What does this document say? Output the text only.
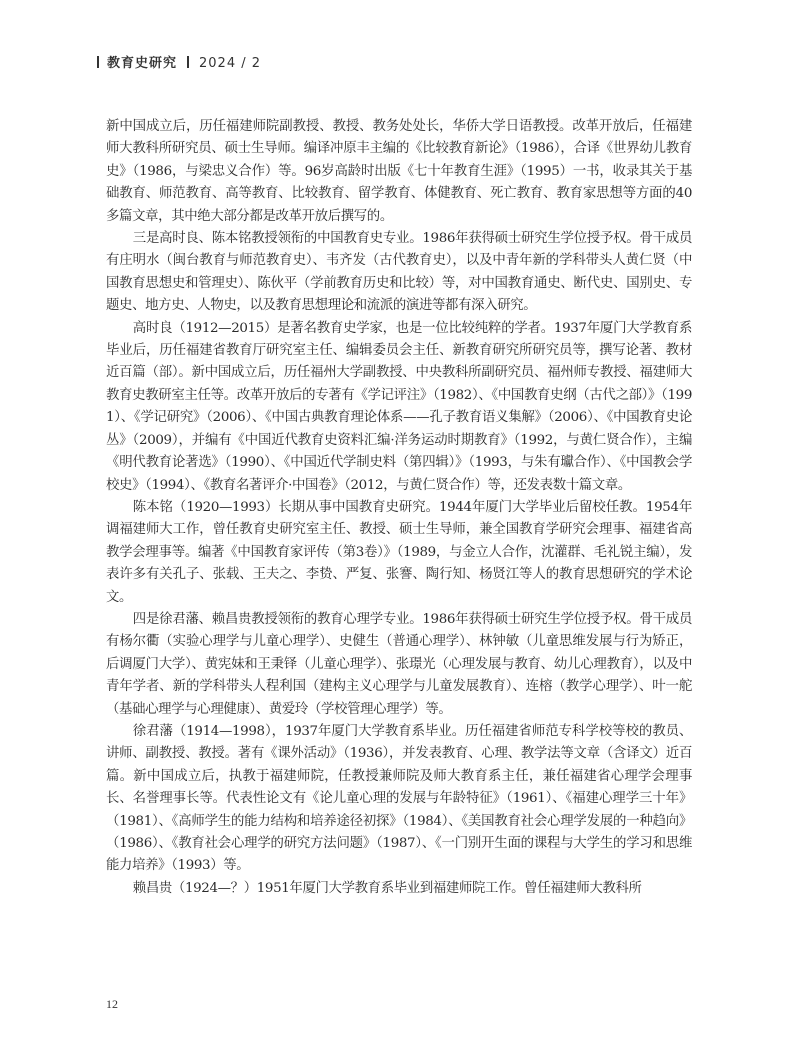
教育史研究 2024 / 2

新中国成立后，历任福建师院副教授、教授、教务处处长，华侨大学日语教授。改革开放后，任福建师大教科所研究员、硕士生导师。编译冲原丰主编的《比较教育新论》（1986），合译《世界幼儿教育史》（1986，与梁忠义合作）等。96岁高龄时出版《七十年教育生涯》（1995）一书，收录其关于基础教育、师范教育、高等教育、比较教育、留学教育、体健教育、死亡教育、教育家思想等方面的40多篇文章，其中绝大部分都是改革开放后撰写的。

三是高时良、陈本铭教授领衔的中国教育史专业。1986年获得硕士研究生学位授予权。骨干成员有庄明水（闽台教育与师范教育史）、韦齐发（古代教育史），以及中青年新的学科带头人黄仁贤（中国教育思想史和管理史）、陈伙平（学前教育历史和比较）等，对中国教育通史、断代史、国别史、专题史、地方史、人物史，以及教育思想理论和流派的演进等都有深入研究。

高时良（1912—2015）是著名教育史学家，也是一位比较纯粹的学者。1937年厦门大学教育系毕业后，历任福建省教育厅研究室主任、编辑委员会主任、新教育研究所研究员等，撰写论著、教材近百篇（部）。新中国成立后，历任福州大学副教授、中央教科所副研究员、福州师专教授、福建师大教育史教研室主任等。改革开放后的专著有《学记评注》（1982）、《中国教育史纲（古代之部）》（1991）、《学记研究》（2006）、《中国古典教育理论体系——孔子教育语义集解》（2006）、《中国教育史论丛》（2009），并编有《中国近代教育史资料汇编·洋务运动时期教育》（1992，与黄仁贤合作），主编《明代教育论著选》（1990）、《中国近代学制史料（第四辑）》（1993，与朱有瓛合作）、《中国教会学校史》（1994）、《教育名著评介·中国卷》（2012，与黄仁贤合作）等，还发表数十篇文章。

陈本铭（1920—1993）长期从事中国教育史研究。1944年厦门大学毕业后留校任教。1954年调福建师大工作，曾任教育史研究室主任、教授、硕士生导师，兼全国教育学研究会理事、福建省高教学会理事等。编著《中国教育家评传（第3卷）》（1989，与金立人合作，沈灌群、毛礼锐主编），发表许多有关孔子、张载、王夫之、李贽、严复、张謇、陶行知、杨贤江等人的教育思想研究的学术论文。

四是徐君藩、赖昌贵教授领衔的教育心理学专业。1986年获得硕士研究生学位授予权。骨干成员有杨尔衢（实验心理学与儿童心理学）、史健生（普通心理学）、林钟敏（儿童思维发展与行为矫正，后调厦门大学）、黄宪妹和王秉铎（儿童心理学）、张璟光（心理发展与教育、幼儿心理教育），以及中青年学者、新的学科带头人程利国（建构主义心理学与儿童发展教育）、连榕（教学心理学）、叶一舵（基础心理学与心理健康）、黄爱玲（学校管理心理学）等。

徐君藩（1914—1998），1937年厦门大学教育系毕业。历任福建省师范专科学校等校的教员、讲师、副教授、教授。著有《课外活动》（1936），并发表教育、心理、教学法等文章（含译文）近百篇。新中国成立后，执教于福建师院，任教授兼师院及师大教育系主任，兼任福建省心理学会理事长、名誉理事长等。代表性论文有《论儿童心理的发展与年龄特征》（1961）、《福建心理学三十年》（1981）、《高师学生的能力结构和培养途径初探》（1984）、《美国教育社会心理学发展的一种趋向》（1986）、《教育社会心理学的研究方法问题》（1987）、《一门别开生面的课程与大学生的学习和思维能力培养》（1993）等。

赖昌贵（1924—？）1951年厦门大学教育系毕业到福建师院工作。曾任福建师大教科所

12
